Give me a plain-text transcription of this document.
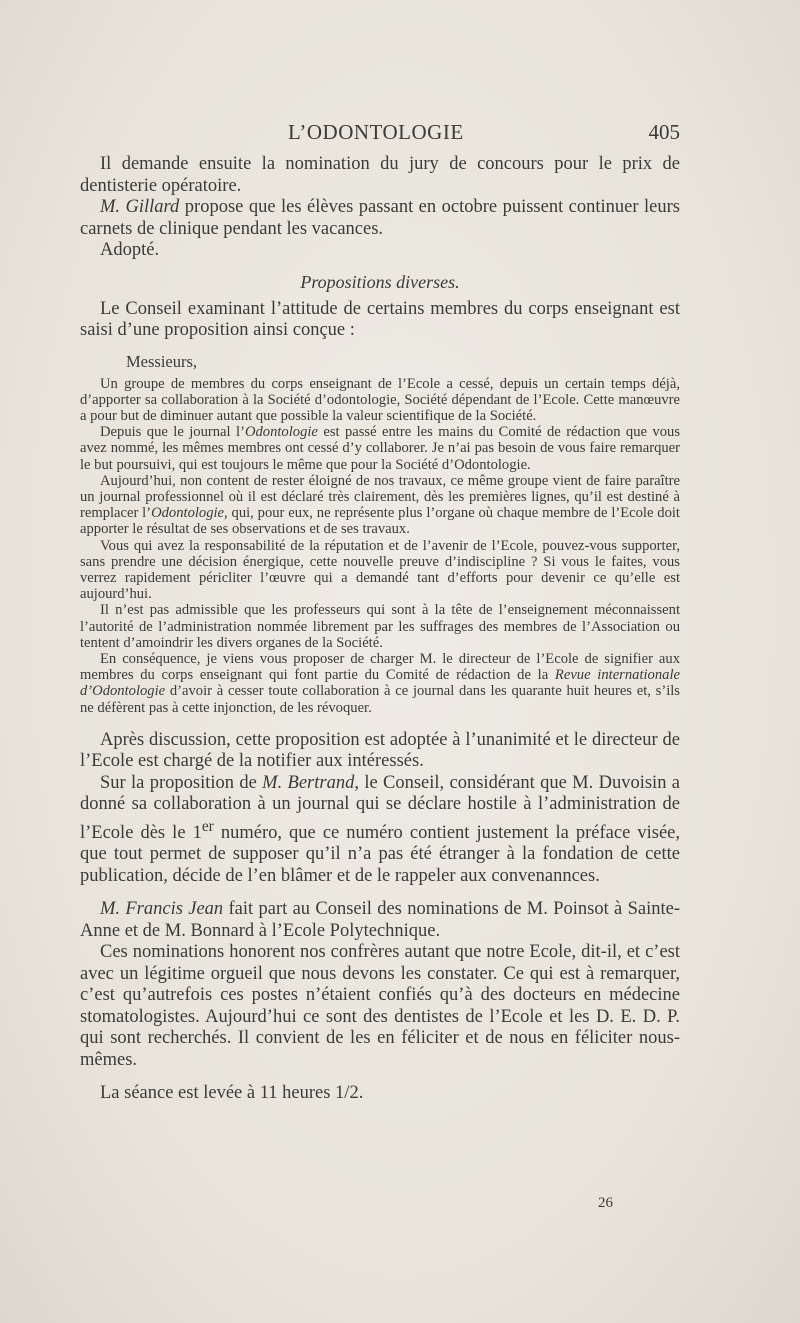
L’ODONTOLOGIE	405

Il demande ensuite la nomination du jury de concours pour le prix de dentisterie opératoire.

M. Gillard propose que les élèves passant en octobre puissent continuer leurs carnets de clinique pendant les vacances.

Adopté.

Propositions diverses.

Le Conseil examinant l’attitude de certains membres du corps enseignant est saisi d’une proposition ainsi conçue :

Messieurs,

Un groupe de membres du corps enseignant de l’Ecole a cessé, depuis un certain temps déjà, d’apporter sa collaboration à la Société d’odontologie, Société dépendant de l’Ecole. Cette manœuvre a pour but de diminuer autant que possible la valeur scientifique de la Société.

Depuis que le journal l’Odontologie est passé entre les mains du Comité de rédaction que vous avez nommé, les mêmes membres ont cessé d’y collaborer. Je n’ai pas besoin de vous faire remarquer le but poursuivi, qui est toujours le même que pour la Société d’Odontologie.

Aujourd’hui, non content de rester éloigné de nos travaux, ce même groupe vient de faire paraître un journal professionnel où il est déclaré très clairement, dès les premières lignes, qu’il est destiné à remplacer l’Odontologie, qui, pour eux, ne représente plus l’organe où chaque membre de l’Ecole doit apporter le résultat de ses observations et de ses travaux.

Vous qui avez la responsabilité de la réputation et de l’avenir de l’Ecole, pouvez-vous supporter, sans prendre une décision énergique, cette nouvelle preuve d’indiscipline ? Si vous le faites, vous verrez rapidement péricliter l’œuvre qui a demandé tant d’efforts pour devenir ce qu’elle est aujourd’hui.

Il n’est pas admissible que les professeurs qui sont à la tête de l’enseignement méconnaissent l’autorité de l’administration nommée librement par les suffrages des membres de l’Association ou tentent d’amoindrir les divers organes de la Société.

En conséquence, je viens vous proposer de charger M. le directeur de l’Ecole de signifier aux membres du corps enseignant qui font partie du Comité de rédaction de la Revue internationale d’Odontologie d’avoir à cesser toute collaboration à ce journal dans les quarante huit heures et, s’ils ne défèrent pas à cette injonction, de les révoquer.

Après discussion, cette proposition est adoptée à l’unanimité et le directeur de l’Ecole est chargé de la notifier aux intéressés.

Sur la proposition de M. Bertrand, le Conseil, considérant que M. Duvoisin a donné sa collaboration à un journal qui se déclare hostile à l’administration de l’Ecole dès le 1er numéro, que ce numéro contient justement la préface visée, que tout permet de supposer qu’il n’a pas été étranger à la fondation de cette publication, décide de l’en blâmer et de le rappeler aux convenannces.

M. Francis Jean fait part au Conseil des nominations de M. Poinsot à Sainte-Anne et de M. Bonnard à l’Ecole Polytechnique.

Ces nominations honorent nos confrères autant que notre Ecole, dit-il, et c’est avec un légitime orgueil que nous devons les constater. Ce qui est à remarquer, c’est qu’autrefois ces postes n’étaient confiés qu’à des docteurs en médecine stomatologistes. Aujourd’hui ce sont des dentistes de l’Ecole et les D. E. D. P. qui sont recherchés. Il convient de les en féliciter et de nous en féliciter nous-mêmes.

La séance est levée à 11 heures 1/2.

26
